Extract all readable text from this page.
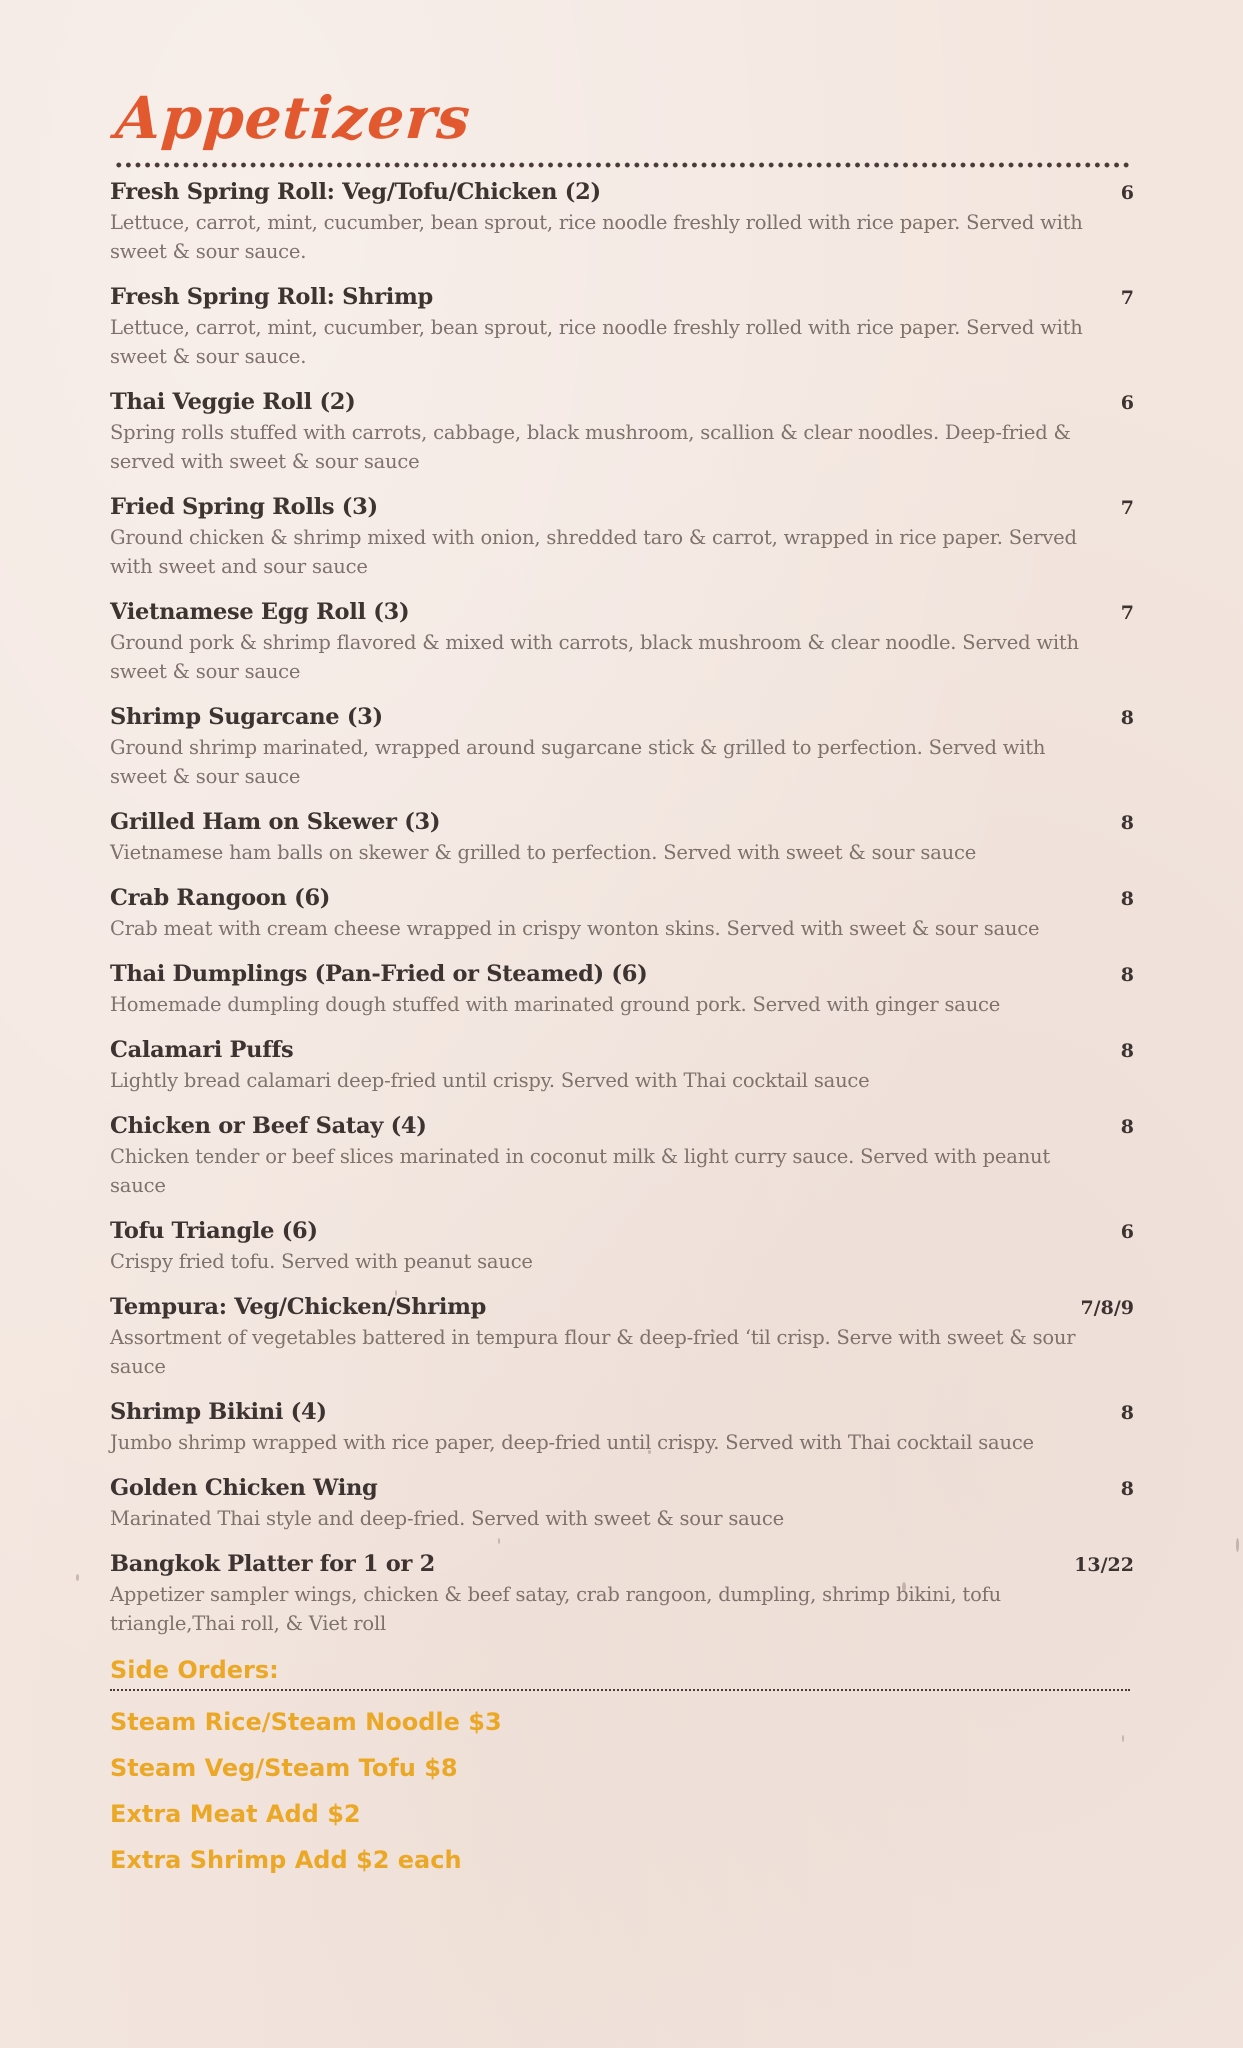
Appetizers
Fresh Spring Roll: Veg/Tofu/Chicken (2)	6
Lettuce, carrot, mint, cucumber, bean sprout, rice noodle freshly rolled with rice paper. Served with sweet & sour sauce.
Fresh Spring Roll: Shrimp	7
Lettuce, carrot, mint, cucumber, bean sprout, rice noodle freshly rolled with rice paper. Served with sweet & sour sauce.
Thai Veggie Roll (2)	6
Spring rolls stuffed with carrots, cabbage, black mushroom, scallion & clear noodles. Deep-fried & served with sweet & sour sauce
Fried Spring Rolls (3)	7
Ground chicken & shrimp mixed with onion, shredded taro & carrot, wrapped in rice paper. Served with sweet and sour sauce
Vietnamese Egg Roll (3)	7
Ground pork & shrimp flavored & mixed with carrots, black mushroom & clear noodle. Served with sweet & sour sauce
Shrimp Sugarcane (3)	8
Ground shrimp marinated, wrapped around sugarcane stick & grilled to perfection. Served with sweet & sour sauce
Grilled Ham on Skewer (3)	8
Vietnamese ham balls on skewer & grilled to perfection. Served with sweet & sour sauce
Crab Rangoon (6)	8
Crab meat with cream cheese wrapped in crispy wonton skins. Served with sweet & sour sauce
Thai Dumplings (Pan-Fried or Steamed) (6)	8
Homemade dumpling dough stuffed with marinated ground pork. Served with ginger sauce
Calamari Puffs	8
Lightly bread calamari deep-fried until crispy. Served with Thai cocktail sauce
Chicken or Beef Satay (4)	8
Chicken tender or beef slices marinated in coconut milk & light curry sauce. Served with peanut sauce
Tofu Triangle (6)	6
Crispy fried tofu. Served with peanut sauce
Tempura: Veg/Chicken/Shrimp	7/8/9
Assortment of vegetables battered in tempura flour & deep-fried ‘til crisp. Serve with sweet & sour sauce
Shrimp Bikini (4)	8
Jumbo shrimp wrapped with rice paper, deep-fried until crispy. Served with Thai cocktail sauce
Golden Chicken Wing	8
Marinated Thai style and deep-fried. Served with sweet & sour sauce
Bangkok Platter for 1 or 2	13/22
Appetizer sampler wings, chicken & beef satay, crab rangoon, dumpling, shrimp bikini, tofu triangle,Thai roll, & Viet roll
Side Orders:
Steam Rice/Steam Noodle $3
Steam Veg/Steam Tofu $8
Extra Meat Add $2
Extra Shrimp Add $2 each
